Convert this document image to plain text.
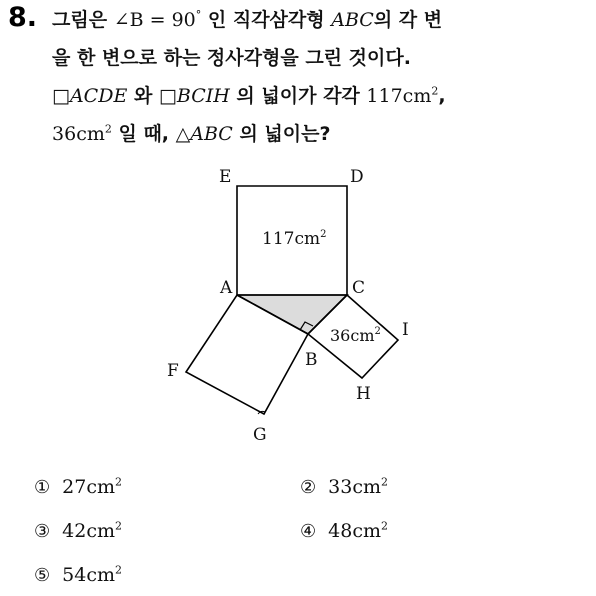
8. 그림은 ∠B = 90° 인 직각삼각형 ABC의 각 변
을 한 변으로 하는 정사각형을 그린 것이다.
□ACDE 와 □BCIH 의 넓이가 각각 $117cm^2$,
$36cm^2$ 일 때, △ABC 의 넓이는?
E	D
A	C
I
B
F
H
G
$117cm^2$
$36cm^2$
① $27cm^2$	② $33cm^2$
③ $42cm^2$	④ $48cm^2$
⑤ $54cm^2$
